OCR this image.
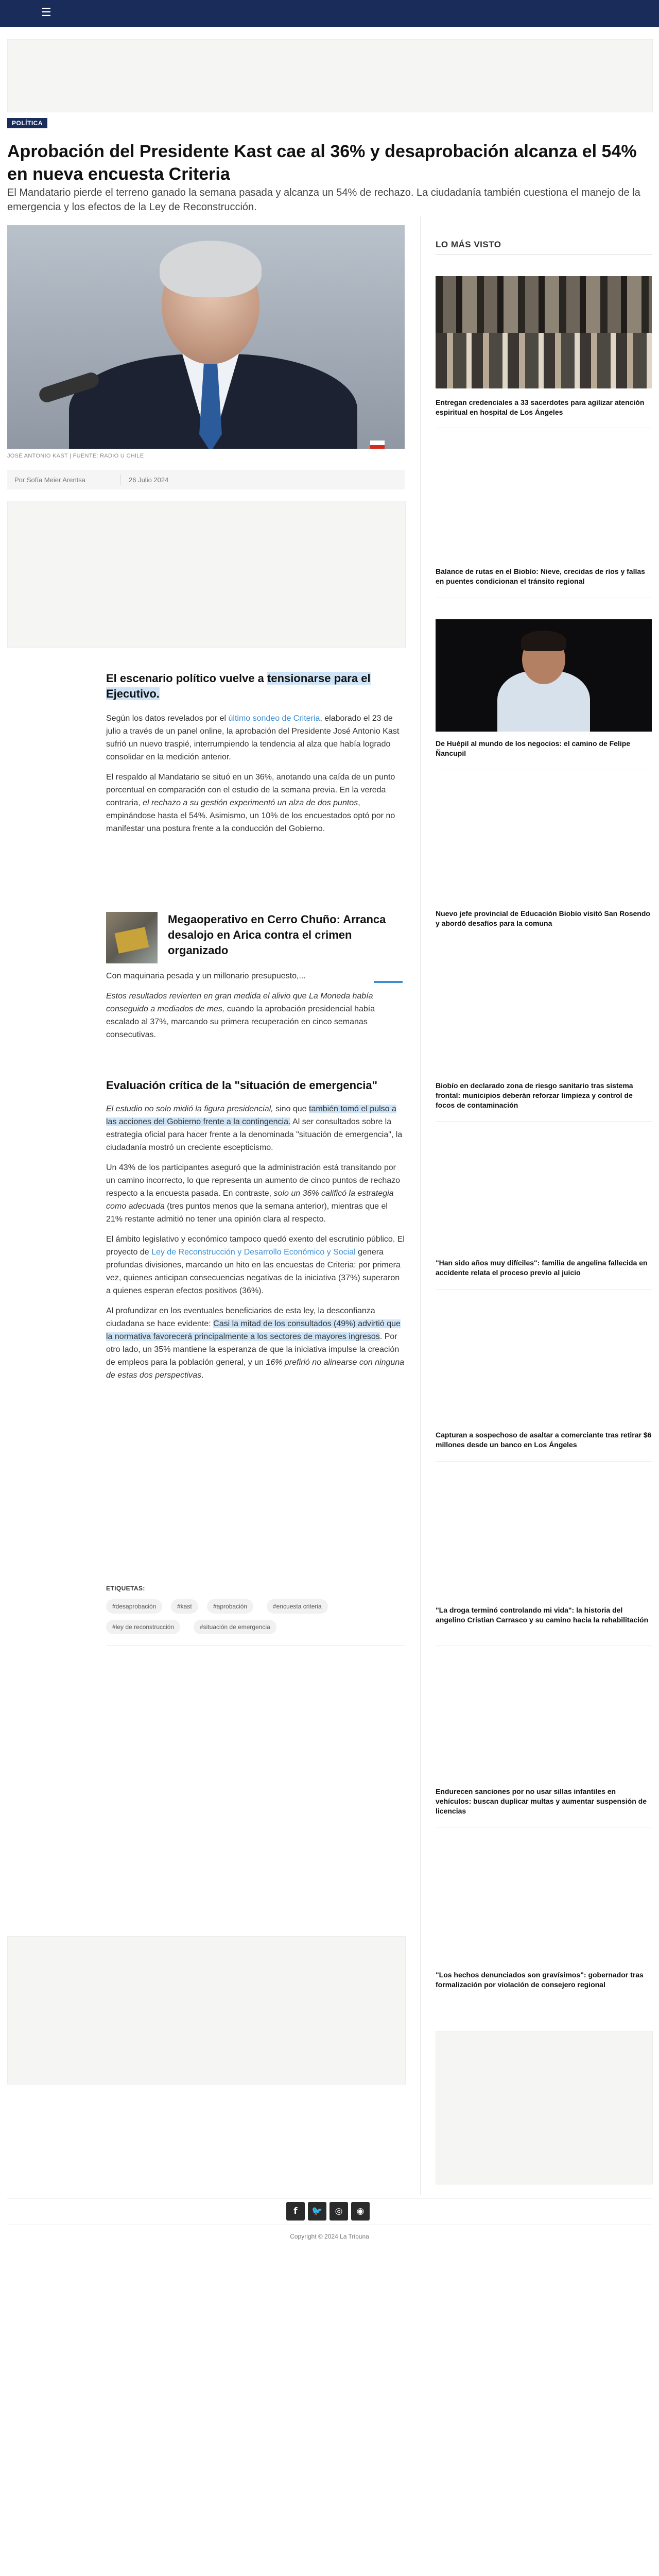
☰
POLÍTICA
Aprobación del Presidente Kast cae al 36% y desaprobación alcanza el 54% en nueva encuesta Criteria

El Mandatario pierde el terreno ganado la semana pasada y alcanza un 54% de rechazo. La ciudadanía también cuestiona el manejo de la emergencia y los efectos de la Ley de Reconstrucción.

JOSÉ ANTONIO KAST | FUENTE: RADIO U CHILE
Por Sofía Meier Arentsa	26 Julio 2024
El escenario político vuelve a tensionarse para el Ejecutivo.

Según los datos revelados por el último sondeo de Criteria, elaborado el 23 de julio a través de un panel online, la aprobación del Presidente José Antonio Kast sufrió un nuevo traspié, interrumpiendo la tendencia al alza que había logrado consolidar en la medición anterior.

El respaldo al Mandatario se situó en un 36%, anotando una caída de un punto porcentual en comparación con el estudio de la semana previa. En la vereda contraria, el rechazo a su gestión experimentó un alza de dos puntos, empinándose hasta el 54%. Asimismo, un 10% de los encuestados optó por no manifestar una postura frente a la conducción del Gobierno.

Megaoperativo en Cerro Chuño: Arranca desalojo en Arica contra el crimen organizado

Con maquinaria pesada y un millonario presupuesto,...

Estos resultados revierten en gran medida el alivio que La Moneda había conseguido a mediados de mes, cuando la aprobación presidencial había escalado al 37%, marcando su primera recuperación en cinco semanas consecutivas.

Evaluación crítica de la "situación de emergencia"

El estudio no solo midió la figura presidencial, sino que también tomó el pulso a las acciones del Gobierno frente a la contingencia. Al ser consultados sobre la estrategia oficial para hacer frente a la denominada "situación de emergencia", la ciudadanía mostró un creciente escepticismo.

Un 43% de los participantes aseguró que la administración está transitando por un camino incorrecto, lo que representa un aumento de cinco puntos de rechazo respecto a la encuesta pasada. En contraste, solo un 36% calificó la estrategia como adecuada (tres puntos menos que la semana anterior), mientras que el 21% restante admitió no tener una opinión clara al respecto.

El ámbito legislativo y económico tampoco quedó exento del escrutinio público. El proyecto de Ley de Reconstrucción y Desarrollo Económico y Social genera profundas divisiones, marcando un hito en las encuestas de Criteria: por primera vez, quienes anticipan consecuencias negativas de la iniciativa (37%) superaron a quienes esperan efectos positivos (36%).

Al profundizar en los eventuales beneficiarios de esta ley, la desconfianza ciudadana se hace evidente: Casi la mitad de los consultados (49%) advirtió que la normativa favorecerá principalmente a los sectores de mayores ingresos. Por otro lado, un 35% mantiene la esperanza de que la iniciativa impulse la creación de empleos para la población general, y un 16% prefirió no alinearse con ninguna de estas dos perspectivas.

ETIQUETAS:
#desaprobación	#kast	#aprobación	#encuesta criteria
#ley de reconstrucción	#situación de emergencia
LO MÁS VISTO
Entregan credenciales a 33 sacerdotes para agilizar atención espiritual en hospital de Los Ángeles
Balance de rutas en el Biobío: Nieve, crecidas de ríos y fallas en puentes condicionan el tránsito regional
De Huépil al mundo de los negocios: el camino de Felipe Ñancupil
Nuevo jefe provincial de Educación Biobío visitó San Rosendo y abordó desafíos para la comuna
Biobío en declarado zona de riesgo sanitario tras sistema frontal: municipios deberán reforzar limpieza y control de focos de contaminación
"Han sido años muy difíciles": familia de angelina fallecida en accidente relata el proceso previo al juicio
Capturan a sospechoso de asaltar a comerciante tras retirar $6 millones desde un banco en Los Ángeles
"La droga terminó controlando mi vida": la historia del angelino Cristian Carrasco y su camino hacia la rehabilitación
Endurecen sanciones por no usar sillas infantiles en vehículos: buscan duplicar multas y aumentar suspensión de licencias
"Los hechos denunciados son gravísimos": gobernador tras formalización por violación de consejero regional
f	🐦	◎	◉
Copyright © 2024 La Tribuna
